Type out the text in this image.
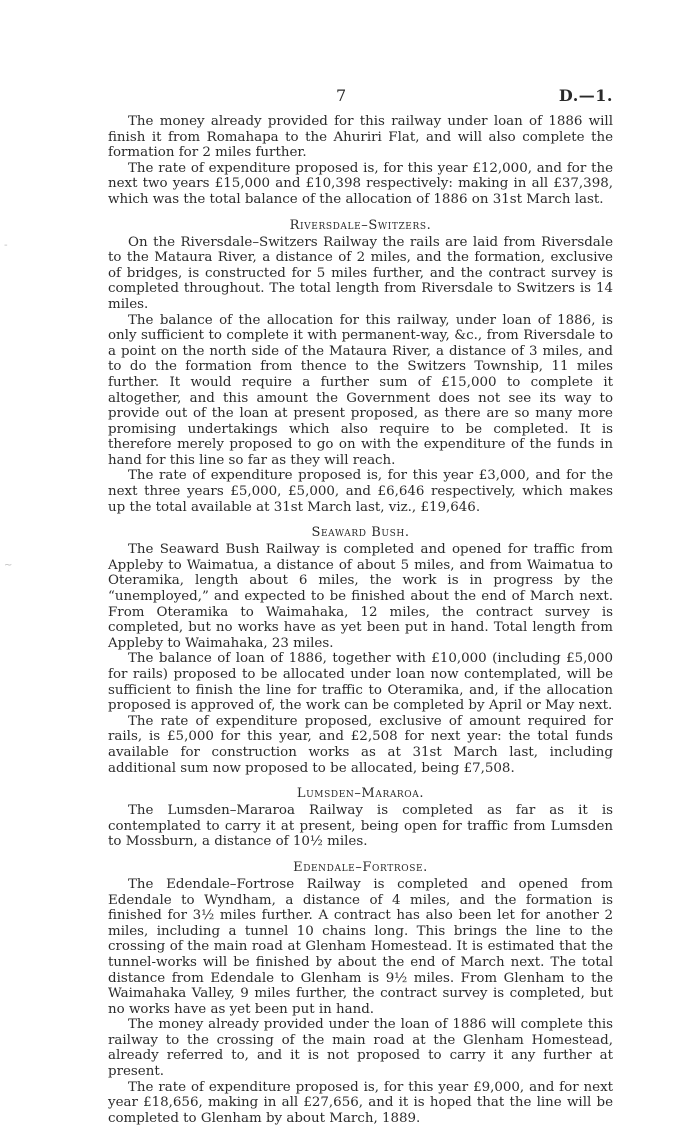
7	D.—1.
-
~

The money already provided for this railway under loan of 1886 will finish it from Romahapa to the Ahuriri Flat, and will also complete the formation for 2 miles further.

The rate of expenditure proposed is, for this year £12,000, and for the next two years £15,000 and £10,398 respectively: making in all £37,398, which was the total balance of the allocation of 1886 on 31st March last.

Riversdale–Switzers.

On the Riversdale–Switzers Railway the rails are laid from Riversdale to the Mataura River, a distance of 2 miles, and the formation, exclusive of bridges, is constructed for 5 miles further, and the contract survey is completed throughout. The total length from Riversdale to Switzers is 14 miles.

The balance of the allocation for this railway, under loan of 1886, is only sufficient to complete it with permanent-way, &c., from Riversdale to a point on the north side of the Mataura River, a distance of 3 miles, and to do the formation from thence to the Switzers Township, 11 miles further. It would require a further sum of £15,000 to complete it altogether, and this amount the Government does not see its way to provide out of the loan at present proposed, as there are so many more promising undertakings which also require to be completed. It is therefore merely proposed to go on with the expenditure of the funds in hand for this line so far as they will reach.

The rate of expenditure proposed is, for this year £3,000, and for the next three years £5,000, £5,000, and £6,646 respectively, which makes up the total available at 31st March last, viz., £19,646.

Seaward Bush.

The Seaward Bush Railway is completed and opened for traffic from Appleby to Waimatua, a distance of about 5 miles, and from Waimatua to Oteramika, length about 6 miles, the work is in progress by the “unemployed,” and expected to be finished about the end of March next. From Oteramika to Waimahaka, 12 miles, the contract survey is completed, but no works have as yet been put in hand. Total length from Appleby to Waimahaka, 23 miles.

The balance of loan of 1886, together with £10,000 (including £5,000 for rails) proposed to be allocated under loan now contemplated, will be sufficient to finish the line for traffic to Oteramika, and, if the allocation proposed is approved of, the work can be completed by April or May next.

The rate of expenditure proposed, exclusive of amount required for rails, is £5,000 for this year, and £2,508 for next year: the total funds available for construction works as at 31st March last, including additional sum now proposed to be allocated, being £7,508.

Lumsden–Mararoa.

The Lumsden–Mararoa Railway is completed as far as it is contemplated to carry it at present, being open for traffic from Lumsden to Mossburn, a distance of 10½ miles.

Edendale–Fortrose.

The Edendale–Fortrose Railway is completed and opened from Edendale to Wyndham, a distance of 4 miles, and the formation is finished for 3½ miles further. A contract has also been let for another 2 miles, including a tunnel 10 chains long. This brings the line to the crossing of the main road at Glenham Homestead. It is estimated that the tunnel-works will be finished by about the end of March next. The total distance from Edendale to Glenham is 9½ miles. From Glenham to the Waimahaka Valley, 9 miles further, the contract survey is completed, but no works have as yet been put in hand.

The money already provided under the loan of 1886 will complete this railway to the crossing of the main road at the Glenham Homestead, already referred to, and it is not proposed to carry it any further at present.

The rate of expenditure proposed is, for this year £9,000, and for next year £18,656, making in all £27,656, and it is hoped that the line will be completed to Glenham by about March, 1889.
